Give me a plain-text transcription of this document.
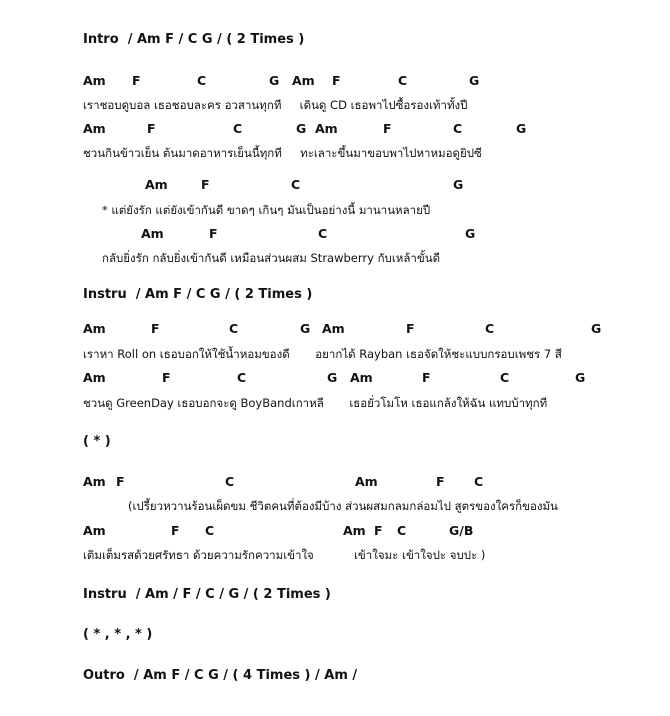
Intro  / Am F / C G / ( 2 Times )

Am

F

	C

	G

Am

F

	C

	G

เราชอบดูบอล เธอชอบละคร อวสานทุกที     เดินดู CD เธอพาไปซื้อรองเท้าทั้งปี

Am

	F

	C

	G

Am

	F

	C

	G

ชวนกินข้าวเย็น ต้นมาดอาหารเย็นนี้ทุกที     ทะเลาะขึ้นมาขอบพาไปหาหมอดูยิปซี

Am

	F

	C

	G

* แต่ยังรัก แต่ยังเข้ากันดี ขาดๆ เกินๆ มันเป็นอย่างนี้ มานานหลายปี

Am

	F

	C

	G

กลับยิ่งรัก กลับยิ่งเข้ากันดี เหมือนส่วนผสม Strawberry กับเหล้าขั้นดี
Instru  / Am F / C G / ( 2 Times )

Am

	F

	C

	G

Am

	F

	C

	G

เราหา Roll on เธอบอกให้ใช้น้ำหอมของดี       อยากได้ Rayban เธอจัดให้ชะแบบกรอบเพชร 7 สี

Am

	F

	C

	G

Am

	F

	C

	G

ชวนดู GreenDay เธอบอกจะดู BoyBandเกาหลี       เธอยั่วโมโห เธอแกล้งให้ฉัน แทบบ้าทุกที
( * )

Am

F

	C

	Am

	F

C

(เปรี้ยวหวานร้อนเผ็ดขม ชีวิตคนที่ต้องมีบ้าง ส่วนผสมกลมกล่อมไป สูตรของใครก็ของมัน

Am

	F

C

	Am

F

C

	G/B

เติมเต็มรสด้วยศรัทธา ด้วยความรักความเข้าใจ           เข้าใจมะ เข้าใจปะ จบปะ )
Instru  / Am / F / C / G / ( 2 Times )
( * , * , * )
Outro  / Am F / C G / ( 4 Times ) / Am /
